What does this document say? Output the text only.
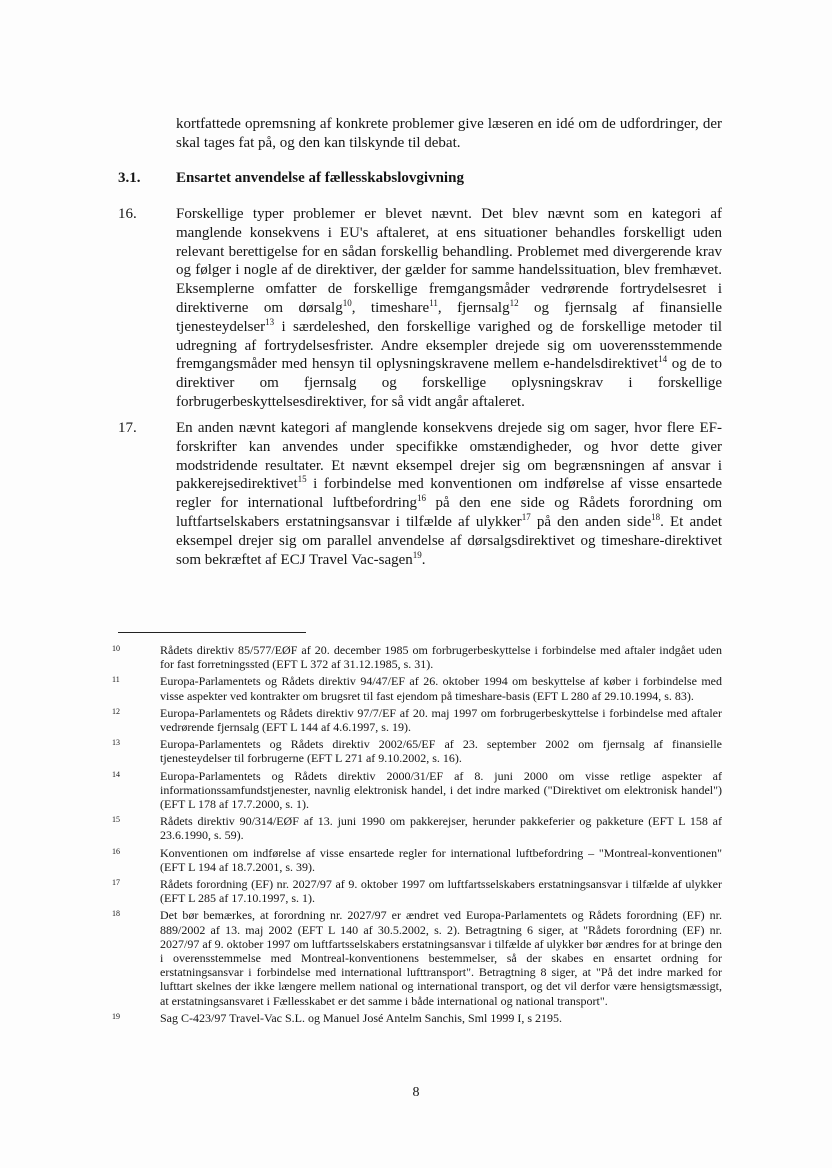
kortfattede opremsning af konkrete problemer give læseren en idé om de udfordringer, der skal tages fat på, og den kan tilskynde til debat.
3.1. Ensartet anvendelse af fællesskabslovgivning
16.	Forskellige typer problemer er blevet nævnt. Det blev nævnt som en kategori af manglende konsekvens i EU's aftaleret, at ens situationer behandles forskelligt uden relevant berettigelse for en sådan forskellig behandling. Problemet med divergerende krav og følger i nogle af de direktiver, der gælder for samme handelssituation, blev fremhævet. Eksemplerne omfatter de forskellige fremgangsmåder vedrørende fortrydelsesret i direktiverne om dørsalg$^{10}$, timeshare$^{11}$, fjernsalg$^{12}$ og fjernsalg af finansielle tjenesteydelser$^{13}$ i særdeleshed, den forskellige varighed og de forskellige metoder til udregning af fortrydelsesfrister. Andre eksempler drejede sig om uoverensstemmende fremgangsmåder med hensyn til oplysningskravene mellem e-handelsdirektivet$^{14}$ og de to direktiver om fjernsalg og forskellige oplysningskrav i forskellige forbrugerbeskyttelsesdirektiver, for så vidt angår aftaleret.
17.	En anden nævnt kategori af manglende konsekvens drejede sig om sager, hvor flere EF-forskrifter kan anvendes under specifikke omstændigheder, og hvor dette giver modstridende resultater. Et nævnt eksempel drejer sig om begrænsningen af ansvar i pakkerejsedirektivet$^{15}$ i forbindelse med konventionen om indførelse af visse ensartede regler for international luftbefordring$^{16}$ på den ene side og Rådets forordning om luftfartselskabers erstatningsansvar i tilfælde af ulykker$^{17}$ på den anden side$^{18}$. Et andet eksempel drejer sig om parallel anvendelse af dørsalgsdirektivet og timeshare-direktivet som bekræftet af ECJ Travel Vac-sagen$^{19}$.
10	Rådets direktiv 85/577/EØF af 20. december 1985 om forbrugerbeskyttelse i forbindelse med aftaler indgået uden for fast forretningssted (EFT L 372 af 31.12.1985, s. 31).
11	Europa-Parlamentets og Rådets direktiv 94/47/EF af 26. oktober 1994 om beskyttelse af køber i forbindelse med visse aspekter ved kontrakter om brugsret til fast ejendom på timeshare-basis (EFT L 280 af 29.10.1994, s. 83).
12	Europa-Parlamentets og Rådets direktiv 97/7/EF af 20. maj 1997 om forbrugerbeskyttelse i forbindelse med aftaler vedrørende fjernsalg (EFT L 144 af 4.6.1997, s. 19).
13	Europa-Parlamentets og Rådets direktiv 2002/65/EF af 23. september 2002 om fjernsalg af finansielle tjenesteydelser til forbrugerne (EFT L 271 af 9.10.2002, s. 16).
14	Europa-Parlamentets og Rådets direktiv 2000/31/EF af 8. juni 2000 om visse retlige aspekter af informationssamfundstjenester, navnlig elektronisk handel, i det indre marked ("Direktivet om elektronisk handel") (EFT L 178 af 17.7.2000, s. 1).
15	Rådets direktiv 90/314/EØF af 13. juni 1990 om pakkerejser, herunder pakkeferier og pakketure (EFT L 158 af 23.6.1990, s. 59).
16	Konventionen om indførelse af visse ensartede regler for international luftbefordring – "Montreal-konventionen" (EFT L 194 af 18.7.2001, s. 39).
17	Rådets forordning (EF) nr. 2027/97 af 9. oktober 1997 om luftfartsselskabers erstatningsansvar i tilfælde af ulykker (EFT L 285 af 17.10.1997, s. 1).
18	Det bør bemærkes, at forordning nr. 2027/97 er ændret ved Europa-Parlamentets og Rådets forordning (EF) nr. 889/2002 af 13. maj 2002 (EFT L 140 af 30.5.2002, s. 2). Betragtning 6 siger, at "Rådets forordning (EF) nr. 2027/97 af 9. oktober 1997 om luftfartsselskabers erstatningsansvar i tilfælde af ulykker bør ændres for at bringe den i overensstemmelse med Montreal-konventionens bestemmelser, så der skabes en ensartet ordning for erstatningsansvar i forbindelse med international lufttransport". Betragtning 8 siger, at "På det indre marked for lufttart skelnes der ikke længere mellem national og international transport, og det vil derfor være hensigtsmæssigt, at erstatningsansvaret i Fællesskabet er det samme i både international og national transport".
19	Sag C-423/97 Travel-Vac S.L. og Manuel José Antelm Sanchis, Sml 1999 I, s 2195.
8
